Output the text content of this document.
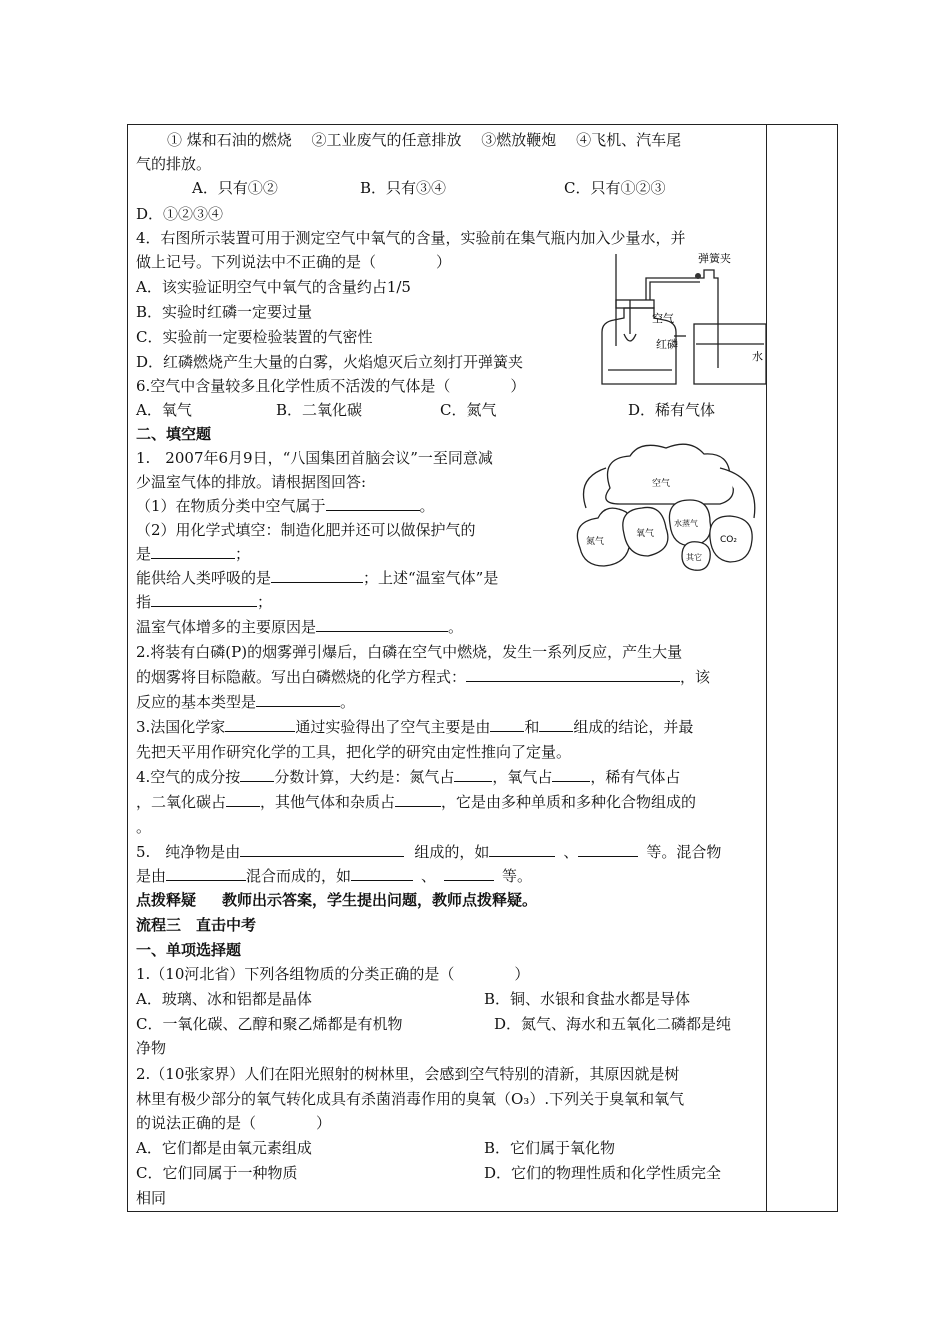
① 煤和石油的燃烧　 ②工业废气的任意排放　 ③燃放鞭炮　 ④飞机、汽车尾
气的排放。
A．只有①②	B．只有③④	C．只有①②③
D．①②③④
4．右图所示装置可用于测定空气中氧气的含量，实验前在集气瓶内加入少量水，并
做上记号。下列说法中不正确的是（　　　　）
A．该实验证明空气中氧气的含量约占1/5
B．实验时红磷一定要过量
C．实验前一定要检验装置的气密性
D．红磷燃烧产生大量的白雾，火焰熄灭后立刻打开弹簧夹
6.空气中含量较多且化学性质不活泼的气体是（　　　　）
A．氧气	B．二氧化碳	C．氮气	D．稀有气体
二、填空题
1.　2007年6月9日，“八国集团首脑会议”一至同意减
少温室气体的排放。请根据图回答:
（1）在物质分类中空气属于	。
（2）用化学式填空：制造化肥并还可以做保护气的
是	；
能供给人类呼吸的是	；上述“温室气体”是
指	；
温室气体增多的主要原因是	。
2.将装有白磷(P)的烟雾弹引爆后，白磷在空气中燃烧，发生一系列反应，产生大量
的烟雾将目标隐蔽。写出白磷燃烧的化学方程式：	，该
反应的基本类型是	。
3.法国化学家	通过实验得出了空气主要是由 和 组成的结论，并最
先把天平用作研究化学的工具，把化学的研究由定性推向了定量。
4.空气的成分按 分数计算，大约是：氮气占	，氧气占	，稀有气体占
，二氧化碳占 ，其他气体和杂质占	，它是由多种单质和多种化合物组成的
。
5.　纯净物是由	组成的，如	、	等。混合物
是由	混合而成的，如	、	等。
点拨释疑 教师出示答案，学生提出问题，教师点拨释疑。
流程三　直击中考
一、单项选择题
1.（10河北省）下列各组物质的分类正确的是（　　　　）
A．玻璃、冰和铝都是晶体	B．铜、水银和食盐水都是导体
C．一氧化碳、乙醇和聚乙烯都是有机物	D．氮气、海水和五氧化二磷都是纯
净物
2.（10张家界）人们在阳光照射的树林里，会感到空气特别的清新，其原因就是树
林里有极少部分的氧气转化成具有杀菌消毒作用的臭氧（O₃）.下列关于臭氧和氧气
的说法正确的是（　　　　）
A．它们都是由氧元素组成	B．它们属于氧化物
C．它们同属于一种物质	D．它们的物理性质和化学性质完全
相同
弹簧夹
空气
红磷
水
空气
氮气
氧气
水蒸气
CO₂
其它
